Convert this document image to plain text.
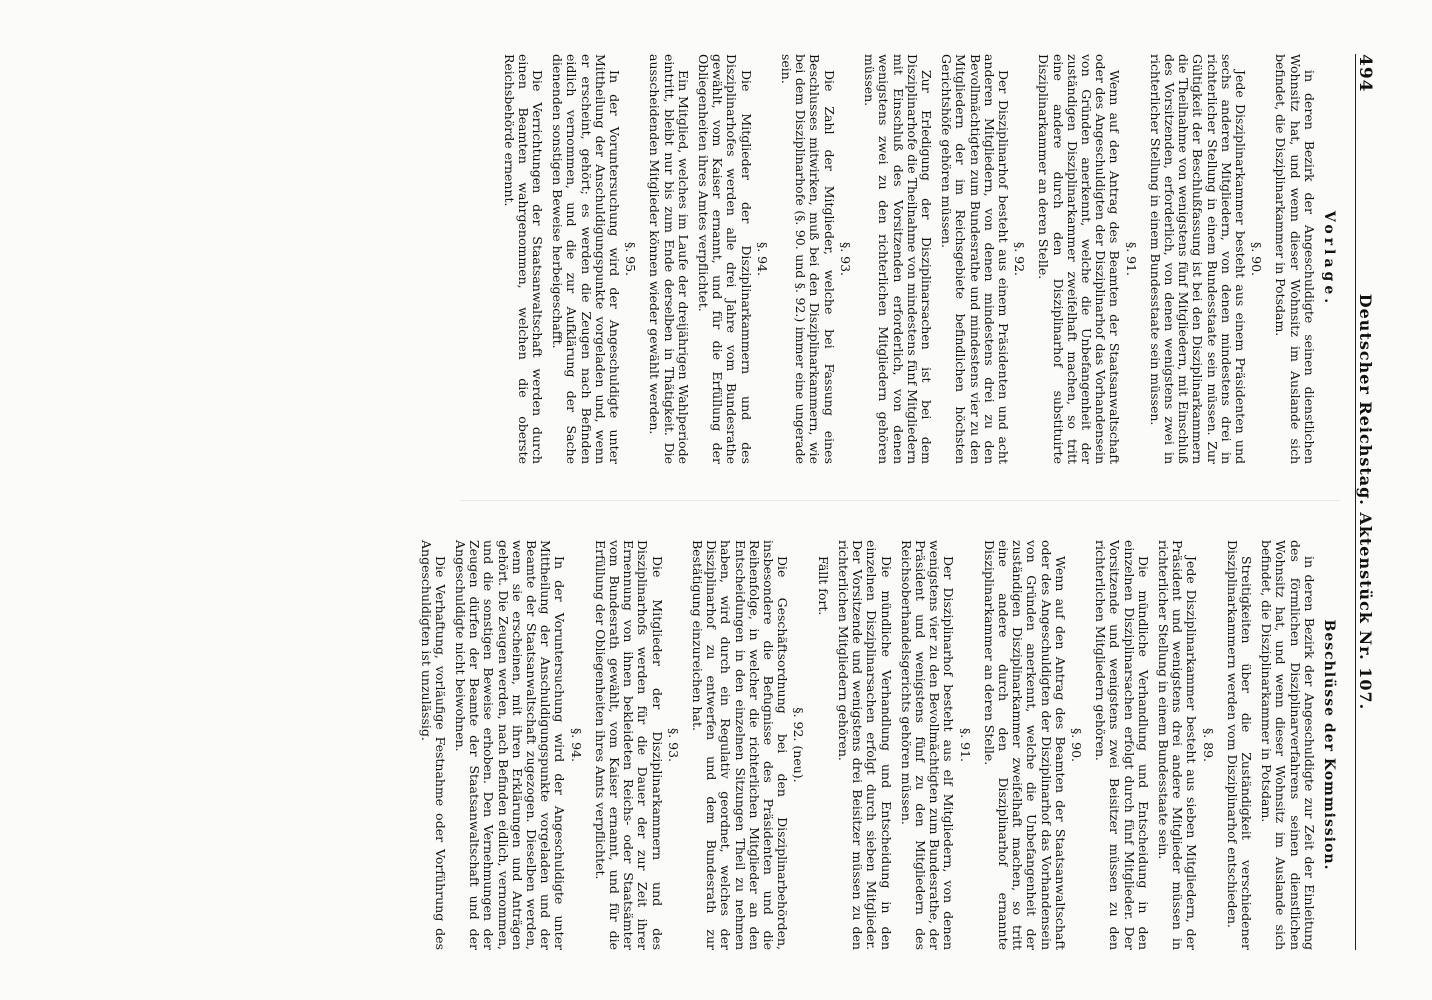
494
Deutscher Reichstag. Aktenstück Nr. 107.
Vorlage.

in deren Bezirk der Angeschuldigte seinen dienstlichen Wohnsitz hat, und wenn dieser Wohnsitz im Auslande sich befindet, die Disziplinarkammer in Potsdam.

§. 90.

Jede Disziplinarkammer besteht aus einem Präsidenten und sechs anderen Mitgliedern, von denen mindestens drei in richterlicher Stellung in einem Bundesstaate sein müssen. Zur Gültigkeit der Beschlußfassung ist bei den Disziplinarkammern die Theilnahme von wenigstens fünf Mitgliedern, mit Einschluß des Vorsitzenden, erforderlich, von denen wenigstens zwei in richterlicher Stellung in einem Bundesstaate sein müssen.

§. 91.

Wenn auf den Antrag des Beamten der Staatsanwaltschaft oder des Angeschuldigten der Disziplinarhof das Vorhandensein von Gründen anerkennt, welche die Unbefangenheit der zuständigen Disziplinarkammer zweifelhaft machen, so tritt eine andere durch den Disziplinarhof substituirte Disziplinarkammer an deren Stelle.

§. 92.

Der Disziplinarhof besteht aus einem Präsidenten und acht anderen Mitgliedern, von denen mindestens drei zu den Bevollmächtigten zum Bundesrathe und mindestens vier zu den Mitgliedern der im Reichsgebiete befindlichen höchsten Gerichtshöfe gehören müssen.

Zur Erledigung der Disziplinarsachen ist bei dem Disziplinarhofe die Theilnahme von mindestens fünf Mitgliedern mit Einschluß des Vorsitzenden erforderlich, von denen wenigstens zwei zu den richterlichen Mitgliedern gehören müssen.

§. 93.

Die Zahl der Mitglieder, welche bei Fassung eines Beschlusses mitwirken, muß bei den Disziplinarkammern, wie bei dem Disziplinarhofe (§. 90. und §. 92.) immer eine ungerade sein.

§. 94.

Die Mitglieder der Disziplinarkammern und des Disziplinarhofes werden alle drei Jahre vom Bundesrathe gewählt, vom Kaiser ernannt, und für die Erfüllung der Obliegenheiten ihres Amtes verpflichtet.

Ein Mitglied, welches im Laufe der dreijährigen Wahlperiode eintritt, bleibt nur bis zum Ende derselben in Thätigkeit. Die ausscheidenden Mitglieder können wieder gewählt werden.

§. 95.

In der Voruntersuchung wird der Angeschuldigte unter Mittheilung der Anschuldigungspunkte vorgeladen und, wenn er erscheint, gehört; es werden die Zeugen nach Befinden eidlich vernommen, und die zur Aufklärung der Sache dienenden sonstigen Beweise herbeigeschafft.

Die Verrichtungen der Staatsanwaltschaft werden durch einen Beamten wahrgenommen, welchen die oberste Reichsbehörde ernennt.

Beschlüsse der Kommission.

in deren Bezirk der Angeschuldigte zur Zeit der Einleitung des förmlichen Disziplinarverfahrens seinen dienstlichen Wohnsitz hat, und wenn dieser Wohnsitz im Auslande sich befindet, die Disziplinarkammer in Potsdam.

Streitigkeiten über die Zuständigkeit verschiedener Disziplinarkammern werden vom Disziplinarhof entschieden.

§. 89.

Jede Disziplinarkammer besteht aus sieben Mitgliedern, der Präsident und wenigstens drei andere Mitglieder müssen in richterlicher Stellung in einem Bundesstaate sein.

Die mündliche Verhandlung und Entscheidung in den einzelnen Disziplinarsachen erfolgt durch fünf Mitglieder. Der Vorsitzende und wenigstens zwei Beisitzer müssen zu den richterlichen Mitgliedern gehören.

§. 90.

Wenn auf den Antrag des Beamten der Staatsanwaltschaft oder des Angeschuldigten der Disziplinarhof das Vorhandensein von Gründen anerkennt, welche die Unbefangenheit der zuständigen Disziplinarkammer zweifelhaft machen, so tritt eine andere durch den Disziplinarhof ernannte Disziplinarkammer an deren Stelle.

§. 91.

Der Disziplinarhof besteht aus elf Mitgliedern, von denen wenigstens vier zu den Bevollmächtigten zum Bundesrathe, der Präsident und wenigstens fünf zu den Mitgliedern des Reichsoberhandelsgerichts gehören müssen.

Die mündliche Verhandlung und Entscheidung in den einzelnen Disziplinarsachen erfolgt durch sieben Mitglieder. Der Vorsitzende und wenigstens drei Beisitzer müssen zu den richterlichen Mitgliedern gehören.

Fällt fort.

§. 92. (neu).

Die Geschäftsordnung bei den Disziplinarbehörden, insbesondere die Befugnisse des Präsidenten und die Reihenfolge, in welcher die richterlichen Mitglieder an den Entscheidungen in den einzelnen Sitzungen Theil zu nehmen haben, wird durch ein Regulativ geordnet, welches der Disziplinarhof zu entwerfen und dem Bundesrath zur Bestätigung einzureichen hat.

§. 93.

Die Mitglieder der Disziplinarkammern und des Disziplinarhofs werden für die Dauer der zur Zeit ihrer Ernennung von ihnen bekleideten Reichs- oder Staatsämter vom Bundesrath gewählt, vom Kaiser ernannt, und für die Erfüllung der Obliegenheiten ihres Amts verpflichtet.

§. 94.

In der Voruntersuchung wird der Angeschuldigte unter Mittheilung der Anschuldigungspunkte vorgeladen und der Beamte der Staatsanwaltschaft zugezogen. Dieselben werden, wenn sie erscheinen, mit ihren Erklärungen und Anträgen gehört. Die Zeugen werden, nach Befinden eidlich, vernommen, und die sonstigen Beweise erhoben. Den Vernehmungen der Zeugen dürfen der Beamte der Staatsanwaltschaft und der Angeschuldigte nicht beiwohnen.

Die Verhaftung, vorläufige Festnahme oder Vorführung des Angeschuldigten ist unzulässig.
